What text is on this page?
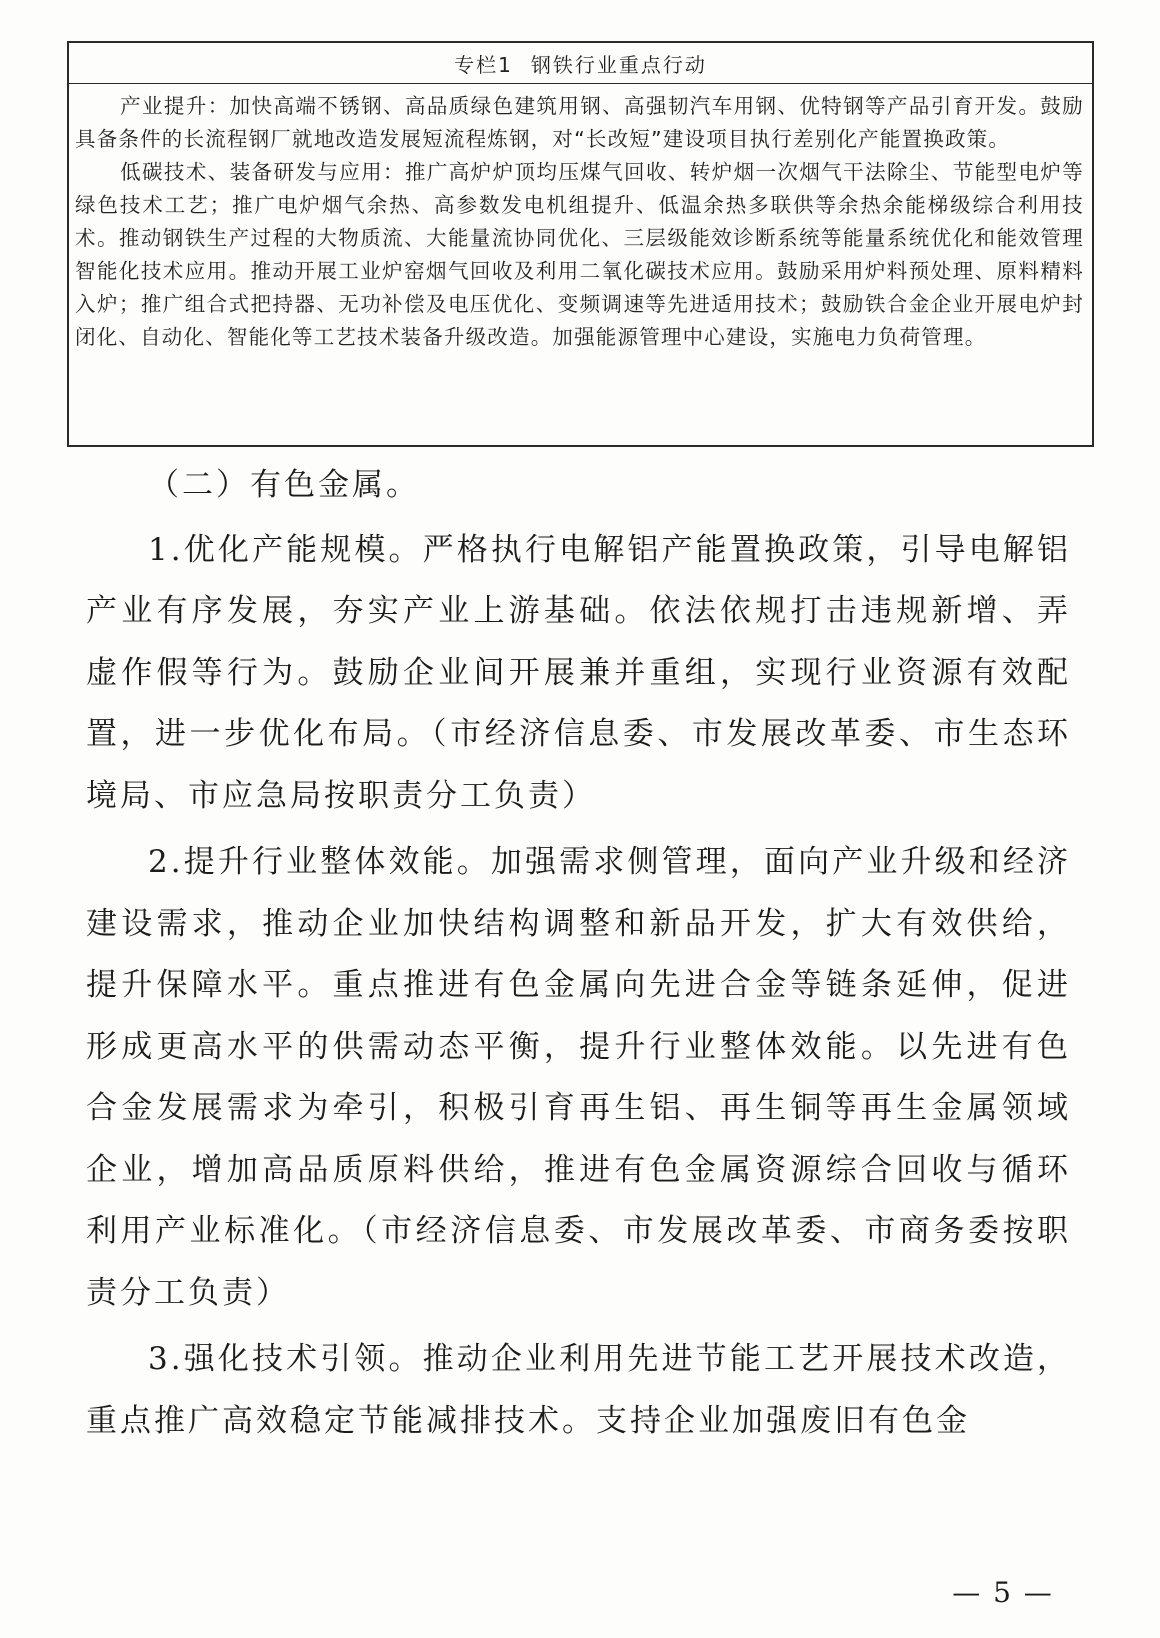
专栏1 钢铁行业重点行动

产业提升：加快高端不锈钢、高品质绿色建筑用钢、高强韧汽车用钢、优特钢等产品引育开发。鼓励具备条件的长流程钢厂就地改造发展短流程炼钢，对“长改短”建设项目执行差别化产能置换政策。

低碳技术、装备研发与应用：推广高炉炉顶均压煤气回收、转炉烟一次烟气干法除尘、节能型电炉等绿色技术工艺；推广电炉烟气余热、高参数发电机组提升、低温余热多联供等余热余能梯级综合利用技术。推动钢铁生产过程的大物质流、大能量流协同优化、三层级能效诊断系统等能量系统优化和能效管理智能化技术应用。推动开展工业炉窑烟气回收及利用二氧化碳技术应用。鼓励采用炉料预处理、原料精料入炉；推广组合式把持器、无功补偿及电压优化、变频调速等先进适用技术；鼓励铁合金企业开展电炉封闭化、自动化、智能化等工艺技术装备升级改造。加强能源管理中心建设，实施电力负荷管理。

（二）有色金属。

1.优化产能规模。严格执行电解铝产能置换政策，引导电解铝产业有序发展，夯实产业上游基础。依法依规打击违规新增、弄虚作假等行为。鼓励企业间开展兼并重组，实现行业资源有效配置，进一步优化布局。（市经济信息委、市发展改革委、市生态环境局、市应急局按职责分工负责）

2.提升行业整体效能。加强需求侧管理，面向产业升级和经济建设需求，推动企业加快结构调整和新品开发，扩大有效供给，提升保障水平。重点推进有色金属向先进合金等链条延伸，促进形成更高水平的供需动态平衡，提升行业整体效能。以先进有色合金发展需求为牵引，积极引育再生铝、再生铜等再生金属领域企业，增加高品质原料供给，推进有色金属资源综合回收与循环利用产业标准化。（市经济信息委、市发展改革委、市商务委按职责分工负责）

3.强化技术引领。推动企业利用先进节能工艺开展技术改造，重点推广高效稳定节能减排技术。支持企业加强废旧有色金

— 5 —
